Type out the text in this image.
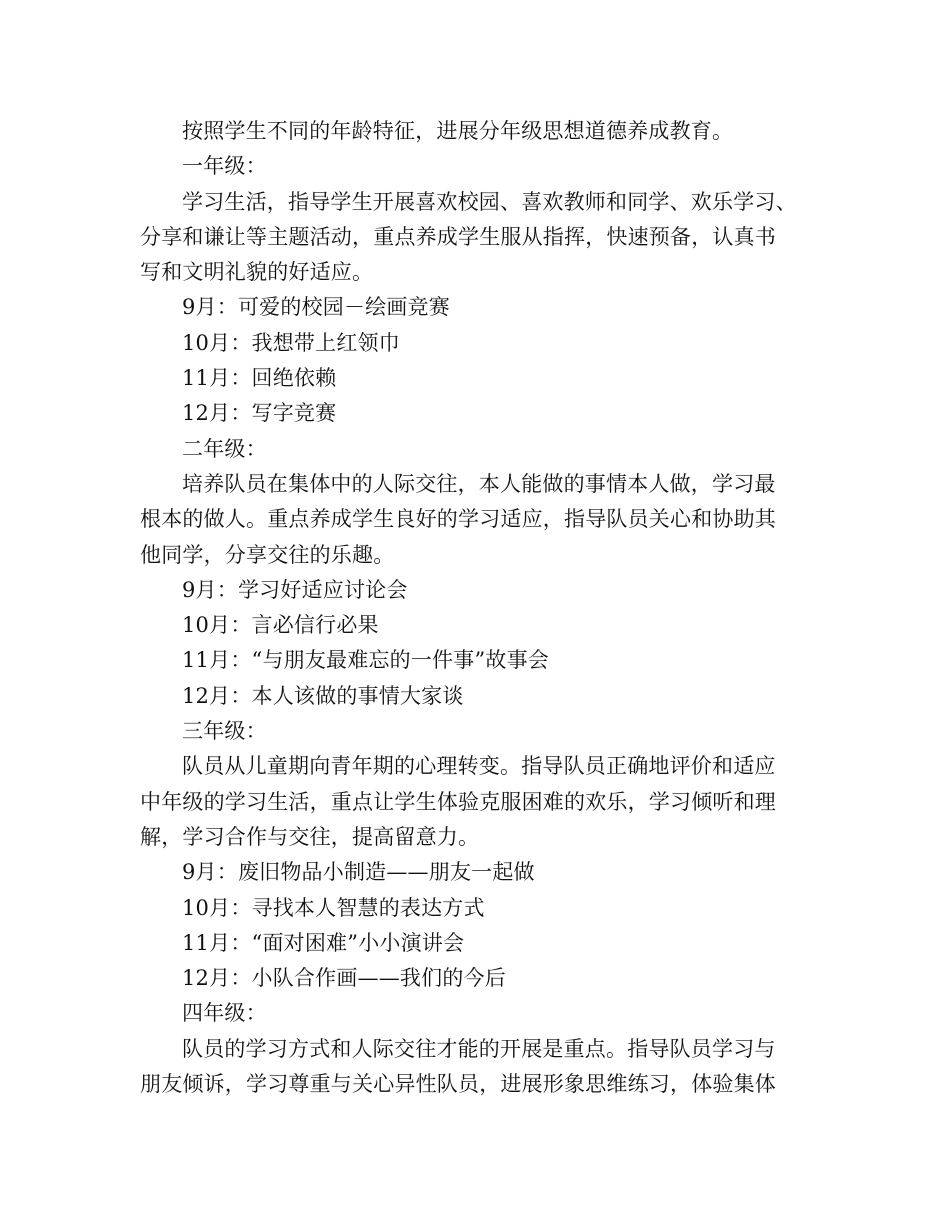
按照学生不同的年龄特征，进展分年级思想道德养成教育。
一年级：
学习生活，指导学生开展喜欢校园、喜欢教师和同学、欢乐学习、
分享和谦让等主题活动，重点养成学生服从指挥，快速预备，认真书
写和文明礼貌的好适应。
9月：可爱的校园－绘画竞赛
10月：我想带上红领巾
11月：回绝依赖
12月：写字竞赛
二年级：
培养队员在集体中的人际交往，本人能做的事情本人做，学习最
根本的做人。重点养成学生良好的学习适应，指导队员关心和协助其
他同学，分享交往的乐趣。
9月：学习好适应讨论会
10月：言必信行必果
11月：“与朋友最难忘的一件事”故事会
12月：本人该做的事情大家谈
三年级：
队员从儿童期向青年期的心理转变。指导队员正确地评价和适应
中年级的学习生活，重点让学生体验克服困难的欢乐，学习倾听和理
解，学习合作与交往，提高留意力。
9月：废旧物品小制造——朋友一起做
10月：寻找本人智慧的表达方式
11月：“面对困难”小小演讲会
12月：小队合作画——我们的今后
四年级：
队员的学习方式和人际交往才能的开展是重点。指导队员学习与
朋友倾诉，学习尊重与关心异性队员，进展形象思维练习，体验集体
